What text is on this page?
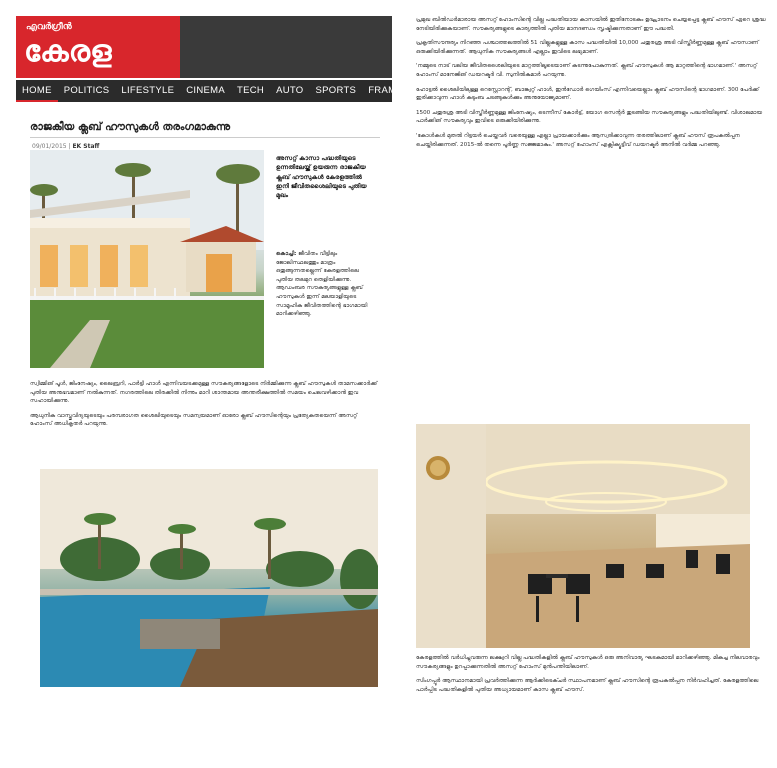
എവർഗ്രീൻ
കേരള
HOME	POLITICS	LIFESTYLE	CINEMA	TECH	AUTO	SPORTS	FRAMES
രാജകീയ ക്ലബ് ഹൗസുകൾ തരംഗമാകുന്നു
09/01/2015 | EK Staff
അസറ്റ് കാസാ പദ്ധതിയുടെ ഉന്നതിലേയ്ക്ക് ഉയരുന്ന രാജകീയ ക്ലബ് ഹൗസുകൾ കേരളത്തിൽ ഇനി ജീവിതശൈലിയുടെ പുതിയ മുഖം
കൊച്ചി: ജീവിതം വീട്ടിലും ജോലിസ്ഥലത്തും മാത്രം ഒതുങ്ങുന്നതല്ലെന്ന് കേരളത്തിലെ പുതിയ തലമുറ തെളിയിക്കുന്നു. ആഡംബര സൗകര്യങ്ങളുള്ള ക്ലബ് ഹൗസുകൾ ഇന്ന് മലയാളിയുടെ സാമൂഹിക ജീവിതത്തിന്റെ ഭാഗമായി മാറിക്കഴിഞ്ഞു.

സ്വിമ്മിങ് പൂൾ, ജിംനേഷ്യം, ലൈബ്രറി, പാർട്ടി ഹാൾ എന്നിവയടക്കമുള്ള സൗകര്യങ്ങളോടെ നിർമ്മിക്കുന്ന ക്ലബ് ഹൗസുകൾ താമസക്കാർക്ക് പുതിയ അനുഭവമാണ് നൽകുന്നത്. നഗരത്തിലെ തിരക്കിൽ നിന്നും മാറി ശാന്തമായ അന്തരീക്ഷത്തിൽ സമയം ചെലവഴിക്കാൻ ഇവ സഹായിക്കുന്നു.

ആധുനിക വാസ്തുവിദ്യയുടെയും പരമ്പരാഗത ശൈലിയുടെയും സമന്വയമാണ് ഓരോ ക്ലബ് ഹൗസിന്റെയും പ്രത്യേകതയെന്ന് അസറ്റ് ഹോംസ് അധികൃതർ പറയുന്നു.

പ്രമുഖ ബിൽഡർമാരായ അസറ്റ് ഹോംസിന്റെ വില്ല പദ്ധതിയായ കാസയിൽ ഇതിനോടകം ഉദ്ഘാടനം ചെയ്യപ്പെട്ട ക്ലബ് ഹൗസ് ഏറെ ശ്രദ്ധ നേടിയിരിക്കുകയാണ്. സൗകര്യങ്ങളുടെ കാര്യത്തിൽ പുതിയ മാനദണ്ഡം സൃഷ്ടിക്കുന്നതാണ് ഈ പദ്ധതി.

പ്രകൃതിസൗന്ദര്യം നിറഞ്ഞ പശ്ചാത്തലത്തിൽ 51 വില്ലകളുള്ള കാസ പദ്ധതിയിൽ 10,000 ചതുരശ്ര അടി വിസ്തീർണ്ണമുള്ള ക്ലബ് ഹൗസാണ് ഒരുക്കിയിരിക്കുന്നത്. ആധുനിക സൗകര്യങ്ങൾ എല്ലാം ഇവിടെ ലഭ്യമാണ്.

'നമ്മുടെ നാട് വലിയ ജീവിതശൈലിയുടെ മാറ്റത്തിലൂടെയാണ് കടന്നുപോകുന്നത്. ക്ലബ് ഹൗസുകൾ ആ മാറ്റത്തിന്റെ ഭാഗമാണ്.' അസറ്റ് ഹോംസ് മാനേജിങ് ഡയറക്ടർ വി. സുനിൽകുമാർ പറയുന്നു.

ഹോട്ടൽ ശൈലിയിലുള്ള റെസ്റ്റോറന്റ്, ബാങ്ക്വറ്റ് ഹാൾ, ഇൻഡോർ ഗെയിംസ് എന്നിവയെല്ലാം ക്ലബ് ഹൗസിന്റെ ഭാഗമാണ്. 300 പേർക്ക് ഇരിക്കാവുന്ന ഹാൾ കുടുംബ ചടങ്ങുകൾക്കും അനുയോജ്യമാണ്.

1500 ചതുരശ്ര അടി വിസ്തീർണ്ണമുള്ള ജിംനേഷ്യം, ടെന്നീസ് കോർട്ട്, യോഗ സെന്റർ തുടങ്ങിയ സൗകര്യങ്ങളും പദ്ധതിയിലുണ്ട്. വിശാലമായ പാർക്കിങ് സൗകര്യവും ഇവിടെ ഒരുക്കിയിരിക്കുന്നു.

'കോൾകൾ മുതൽ റിട്ടയർ ചെയ്തവർ വരെയുള്ള എല്ലാ പ്രായക്കാർക്കും ആസ്വദിക്കാവുന്ന തരത്തിലാണ് ക്ലബ് ഹൗസ് രൂപകൽപ്പന ചെയ്തിരിക്കുന്നത്. 2015-ൽ തന്നെ പൂർണ്ണ സജ്ജമാകും.' അസറ്റ് ഹോംസ് എക്സിക്യൂട്ടീവ് ഡയറക്ടർ അനിൽ വർമ്മ പറഞ്ഞു.

കേരളത്തിൽ വർധിച്ചുവരുന്ന ലക്ഷ്വറി വില്ല പദ്ധതികളിൽ ക്ലബ് ഹൗസുകൾ ഒരു അനിവാര്യ ഘടകമായി മാറിക്കഴിഞ്ഞു. മികച്ച നിലവാരവും സൗകര്യങ്ങളും ഉറപ്പാക്കുന്നതിൽ അസറ്റ് ഹോംസ് മുൻപന്തിയിലാണ്.

സിംഗപ്പൂർ ആസ്ഥാനമായി പ്രവർത്തിക്കുന്ന ആർക്കിടെക്ചർ സ്ഥാപനമാണ് ക്ലബ് ഹൗസിന്റെ രൂപകൽപ്പന നിർവഹിച്ചത്. കേരളത്തിലെ പാർപ്പിട പദ്ധതികളിൽ പുതിയ അധ്യായമാണ് കാസ ക്ലബ് ഹൗസ്.
